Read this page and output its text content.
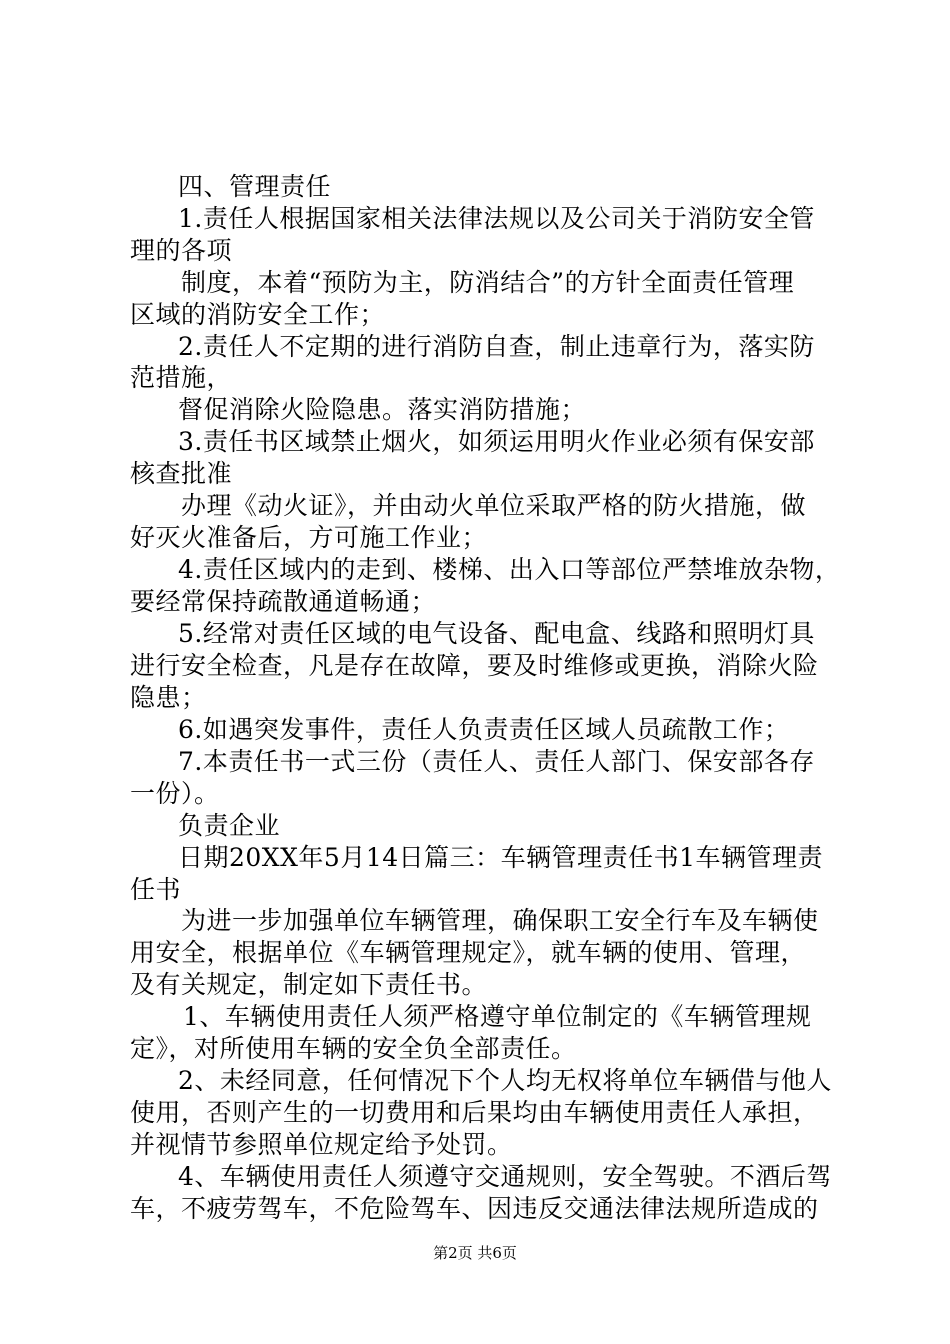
四、管理责任
1.责任人根据国家相关法律法规以及公司关于消防安全管
理的各项
制度，本着“预防为主，防消结合”的方针全面责任管理
区域的消防安全工作；
2.责任人不定期的进行消防自查，制止违章行为，落实防
范措施，
督促消除火险隐患。落实消防措施；
3.责任书区域禁止烟火，如须运用明火作业必须有保安部
核查批准
办理《动火证》，并由动火单位采取严格的防火措施，做
好灭火准备后，方可施工作业；
4.责任区域内的走到、楼梯、出入口等部位严禁堆放杂物，
要经常保持疏散通道畅通；
5.经常对责任区域的电气设备、配电盒、线路和照明灯具
进行安全检查，凡是存在故障，要及时维修或更换，消除火险
隐患；
6.如遇突发事件，责任人负责责任区域人员疏散工作；
7.本责任书一式三份（责任人、责任人部门、保安部各存
一份）。
负责企业
日期20XX年5月14日篇三：车辆管理责任书1车辆管理责
任书
为进一步加强单位车辆管理，确保职工安全行车及车辆使
用安全，根据单位《车辆管理规定》，就车辆的使用、管理，
及有关规定，制定如下责任书。
1、车辆使用责任人须严格遵守单位制定的《车辆管理规
定》，对所使用车辆的安全负全部责任。
2、未经同意，任何情况下个人均无权将单位车辆借与他人
使用，否则产生的一切费用和后果均由车辆使用责任人承担，
并视情节参照单位规定给予处罚。
4、车辆使用责任人须遵守交通规则，安全驾驶。不酒后驾
车，不疲劳驾车，不危险驾车、因违反交通法律法规所造成的
第2页 共6页
